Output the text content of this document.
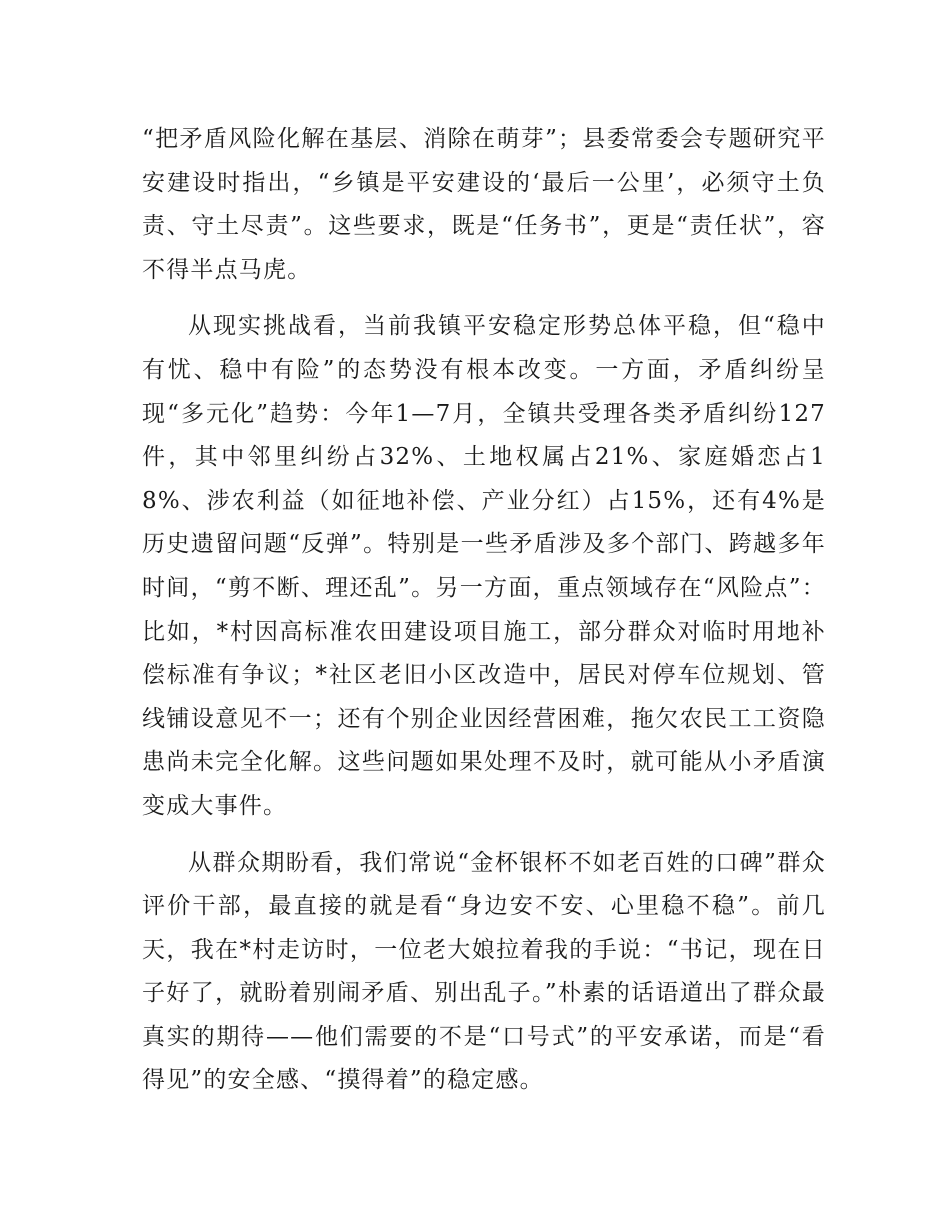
“把矛盾风险化解在基层、消除在萌芽”；县委常委会专题研究平安建设时指出，“乡镇是平安建设的‘最后一公里’，必须守土负责、守土尽责”。这些要求，既是“任务书”，更是“责任状”，容不得半点马虎。

从现实挑战看，当前我镇平安稳定形势总体平稳，但“稳中有忧、稳中有险”的态势没有根本改变。一方面，矛盾纠纷呈现“多元化”趋势：今年1—7月，全镇共受理各类矛盾纠纷127件，其中邻里纠纷占32%、土地权属占21%、家庭婚恋占18%、涉农利益（如征地补偿、产业分红）占15%，还有4%是历史遗留问题“反弹”。特别是一些矛盾涉及多个部门、跨越多年时间，“剪不断、理还乱”。另一方面，重点领域存在“风险点”：比如，*村因高标准农田建设项目施工，部分群众对临时用地补偿标准有争议；*社区老旧小区改造中，居民对停车位规划、管线铺设意见不一；还有个别企业因经营困难，拖欠农民工工资隐患尚未完全化解。这些问题如果处理不及时，就可能从小矛盾演变成大事件。

从群众期盼看，我们常说“金杯银杯不如老百姓的口碑”群众评价干部，最直接的就是看“身边安不安、心里稳不稳”。前几天，我在*村走访时，一位老大娘拉着我的手说：“书记，现在日子好了，就盼着别闹矛盾、别出乱子。”朴素的话语道出了群众最真实的期待——他们需要的不是“口号式”的平安承诺，而是“看得见”的安全感、“摸得着”的稳定感。
